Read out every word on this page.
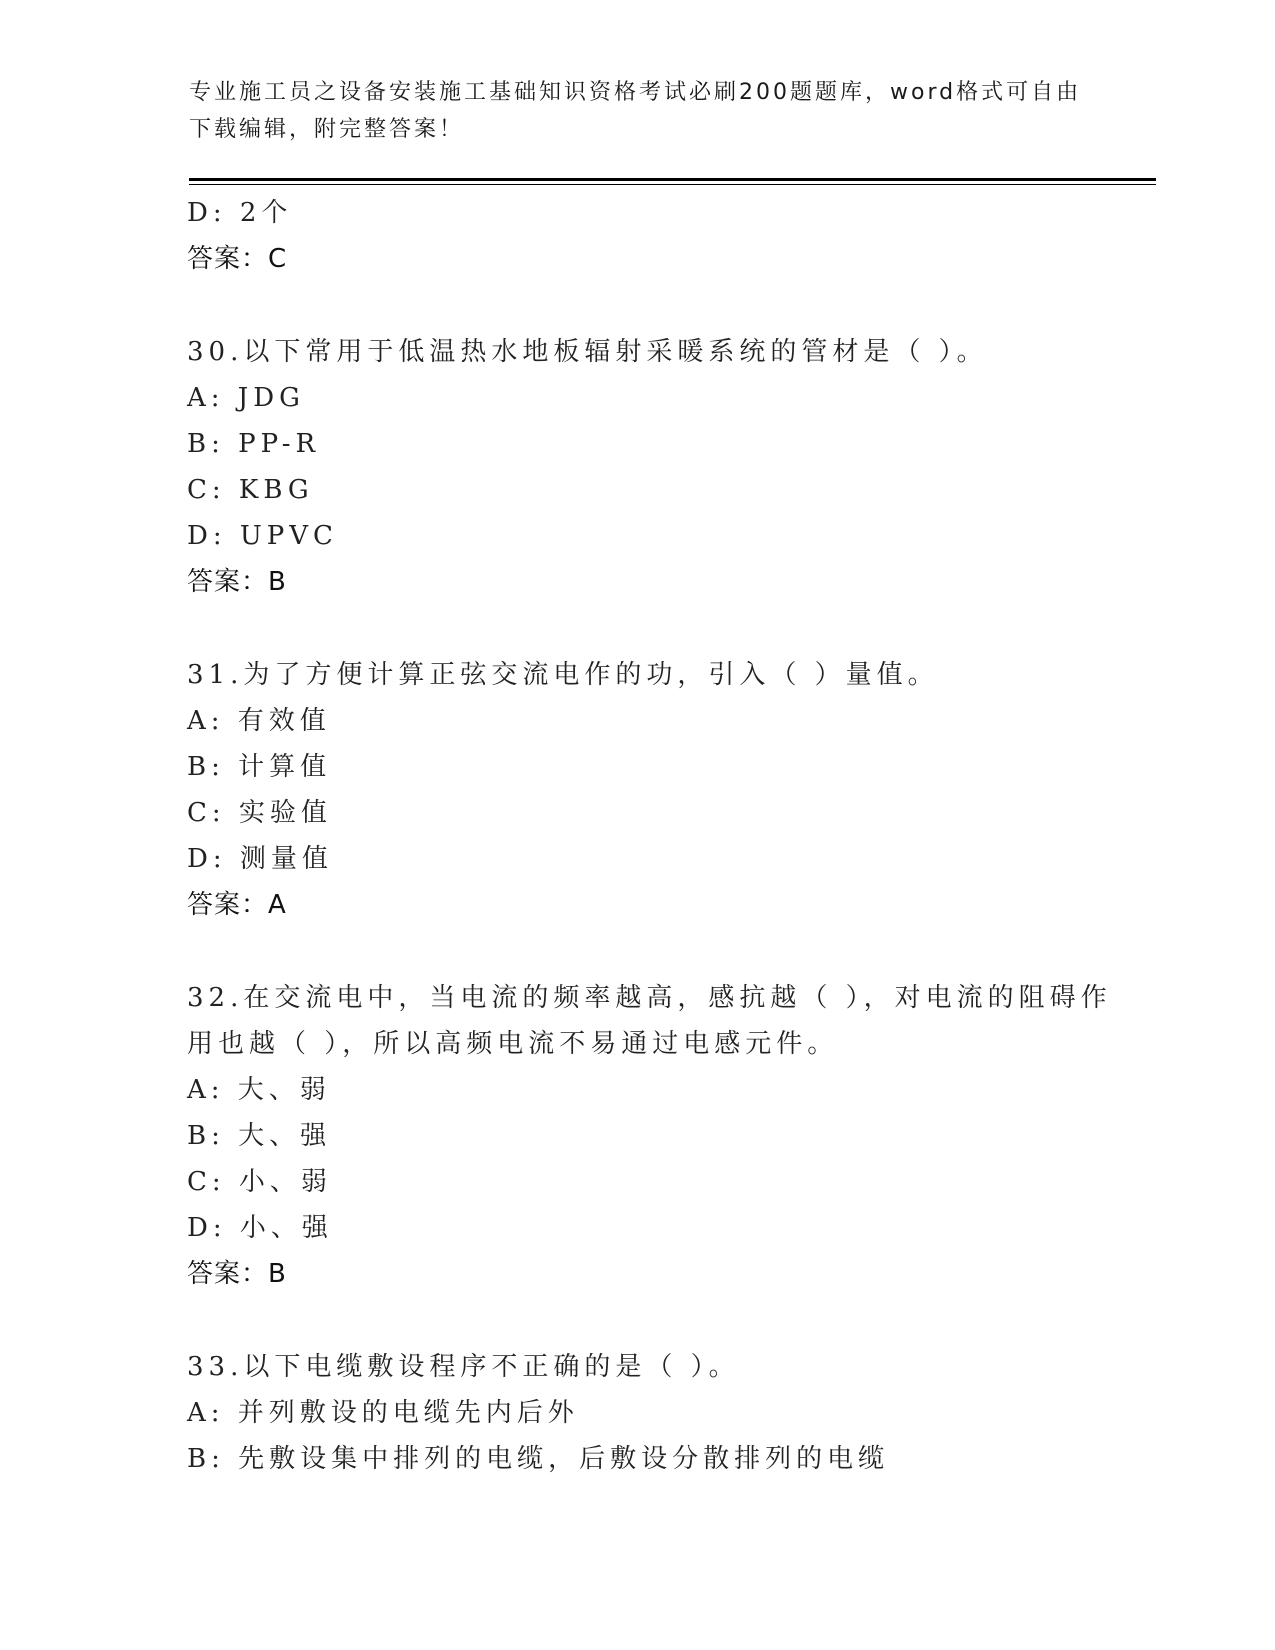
专业施工员之设备安装施工基础知识资格考试必刷200题题库，word格式可自由
下载编辑，附完整答案！
D: 2个
答案：C
30.以下常用于低温热水地板辐射采暖系统的管材是（ ）。
A: JDG
B: PP-R
C: KBG
D: UPVC
答案：B
31.为了方便计算正弦交流电作的功，引入（ ）量值。
A: 有效值
B: 计算值
C: 实验值
D: 测量值
答案：A
32.在交流电中，当电流的频率越高，感抗越（ ），对电流的阻碍作
用也越（ ），所以高频电流不易通过电感元件。
A: 大、弱
B: 大、强
C: 小、弱
D: 小、强
答案：B
33.以下电缆敷设程序不正确的是（ ）。
A: 并列敷设的电缆先内后外
B: 先敷设集中排列的电缆，后敷设分散排列的电缆
